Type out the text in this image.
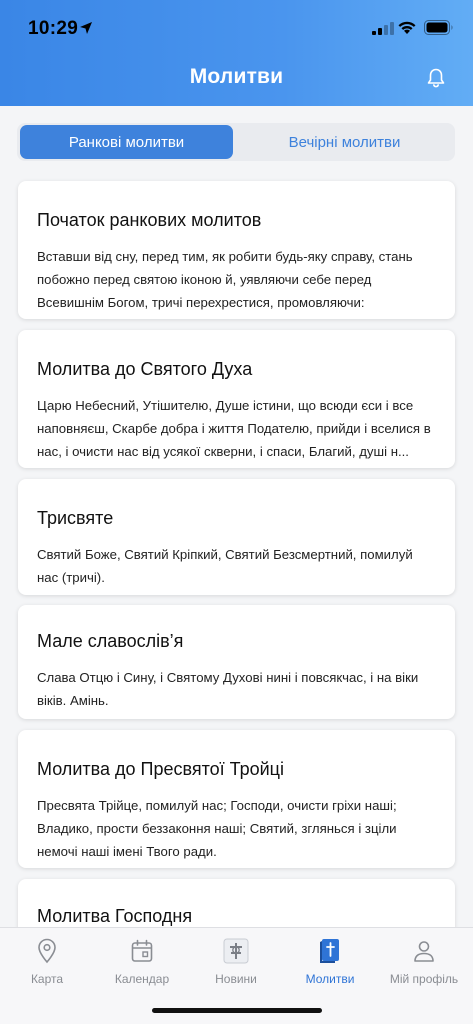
10:29
Молитви
Ранкові молитви	Вечірні молитви
Початок ранкових молитов
Вставши від сну, перед тим, як робити будь-яку справу, стань побожно перед святою іконою й, уявляючи себе перед Всевишнім Богом, тричі перехрестися, промовляючи:
Молитва до Святого Духа
Царю Небесний, Утішителю, Душе істини, що всюди єси і все наповняєш, Скарбе добра і життя Подателю, прийди і вселися в нас, і очисти нас від усякої скверни, і спаси, Благий, душі н...
Трисвяте
Святий Боже, Святий Кріпкий, Святий Безсмертний, помилуй нас (тричі).
Мале славослів’я
Слава Отцю і Сину, і Святому Духові нині і повсякчас, і на віки віків. Амінь.
Молитва до Пресвятої Тройці
Пресвята Трійце, помилуй нас; Господи, очисти гріхи наші; Владико, прости беззаконня наші; Святий, зглянься і зціли немочі наші імені Твого ради.
Молитва Господня
Карта	Календар	Новини	Молитви	Мій профіль
